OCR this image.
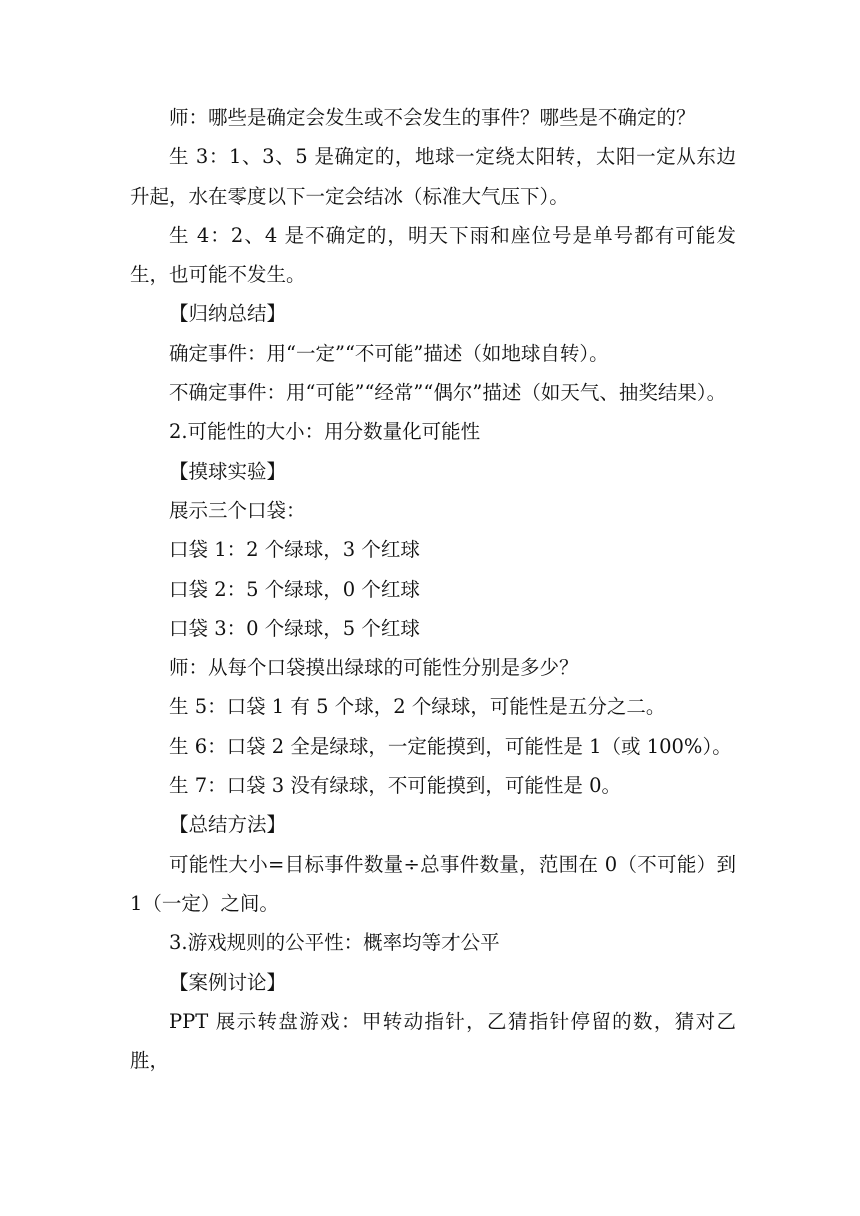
师：哪些是确定会发生或不会发生的事件？哪些是不确定的？

生 3：1、3、5 是确定的，地球一定绕太阳转，太阳一定从东边升起，水在零度以下一定会结冰（标准大气压下）。

生 4：2、4 是不确定的，明天下雨和座位号是单号都有可能发生，也可能不发生。

【归纳总结】

确定事件：用“一定”“不可能”描述（如地球自转）。

不确定事件：用“可能”“经常”“偶尔”描述（如天气、抽奖结果）。

2.可能性的大小：用分数量化可能性

【摸球实验】

展示三个口袋：

口袋 1：2 个绿球，3 个红球

口袋 2：5 个绿球，0 个红球

口袋 3：0 个绿球，5 个红球

师：从每个口袋摸出绿球的可能性分别是多少？

生 5：口袋 1 有 5 个球，2 个绿球，可能性是五分之二。

生 6：口袋 2 全是绿球，一定能摸到，可能性是 1（或 100%）。

生 7：口袋 3 没有绿球，不可能摸到，可能性是 0。

【总结方法】

可能性大小=目标事件数量÷总事件数量，范围在 0（不可能）到 1（一定）之间。

3.游戏规则的公平性：概率均等才公平

【案例讨论】

PPT 展示转盘游戏：甲转动指针，乙猜指针停留的数，猜对乙胜，
